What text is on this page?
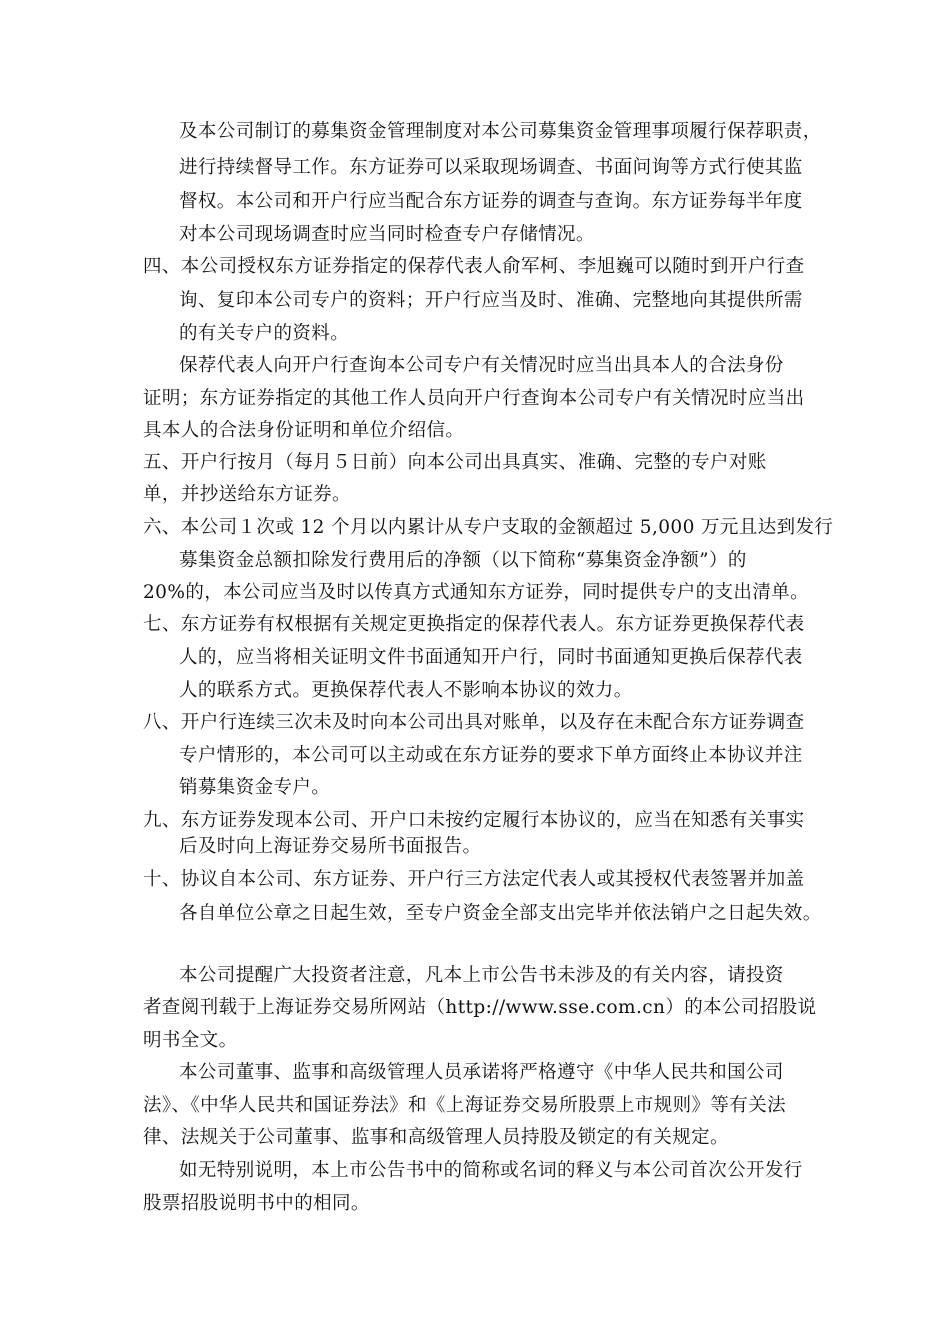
及本公司制订的募集资金管理制度对本公司募集资金管理事项履行保荐职责，
进行持续督导工作。东方证券可以采取现场调查、书面问询等方式行使其监
督权。本公司和开户行应当配合东方证券的调查与查询。东方证券每半年度
对本公司现场调查时应当同时检查专户存储情况。
四、本公司授权东方证券指定的保荐代表人俞军柯、李旭巍可以随时到开户行查
询、复印本公司专户的资料；开户行应当及时、准确、完整地向其提供所需
的有关专户的资料。
保荐代表人向开户行查询本公司专户有关情况时应当出具本人的合法身份
证明；东方证券指定的其他工作人员向开户行查询本公司专户有关情况时应当出
具本人的合法身份证明和单位介绍信。
五、开户行按月（每月５日前）向本公司出具真实、准确、完整的专户对账
单，并抄送给东方证券。
六、本公司１次或 12 个月以内累计从专户支取的金额超过 5,000 万元且达到发行
募集资金总额扣除发行费用后的净额（以下简称“募集资金净额”）的
20%的，本公司应当及时以传真方式通知东方证券，同时提供专户的支出清单。
七、东方证券有权根据有关规定更换指定的保荐代表人。东方证券更换保荐代表
人的，应当将相关证明文件书面通知开户行，同时书面通知更换后保荐代表
人的联系方式。更换保荐代表人不影响本协议的效力。
八、开户行连续三次未及时向本公司出具对账单，以及存在未配合东方证券调查
专户情形的，本公司可以主动或在东方证券的要求下单方面终止本协议并注
销募集资金专户。
九、东方证券发现本公司、开户口未按约定履行本协议的，应当在知悉有关事实
后及时向上海证券交易所书面报告。
十、协议自本公司、东方证券、开户行三方法定代表人或其授权代表签署并加盖
各自单位公章之日起生效，至专户资金全部支出完毕并依法销户之日起失效。
本公司提醒广大投资者注意，凡本上市公告书未涉及的有关内容，请投资
者查阅刊载于上海证券交易所网站（http://www.sse.com.cn）的本公司招股说
明书全文。
本公司董事、监事和高级管理人员承诺将严格遵守《中华人民共和国公司
法》、《中华人民共和国证券法》和《上海证券交易所股票上市规则》等有关法
律、法规关于公司董事、监事和高级管理人员持股及锁定的有关规定。
如无特别说明，本上市公告书中的简称或名词的释义与本公司首次公开发行
股票招股说明书中的相同。
